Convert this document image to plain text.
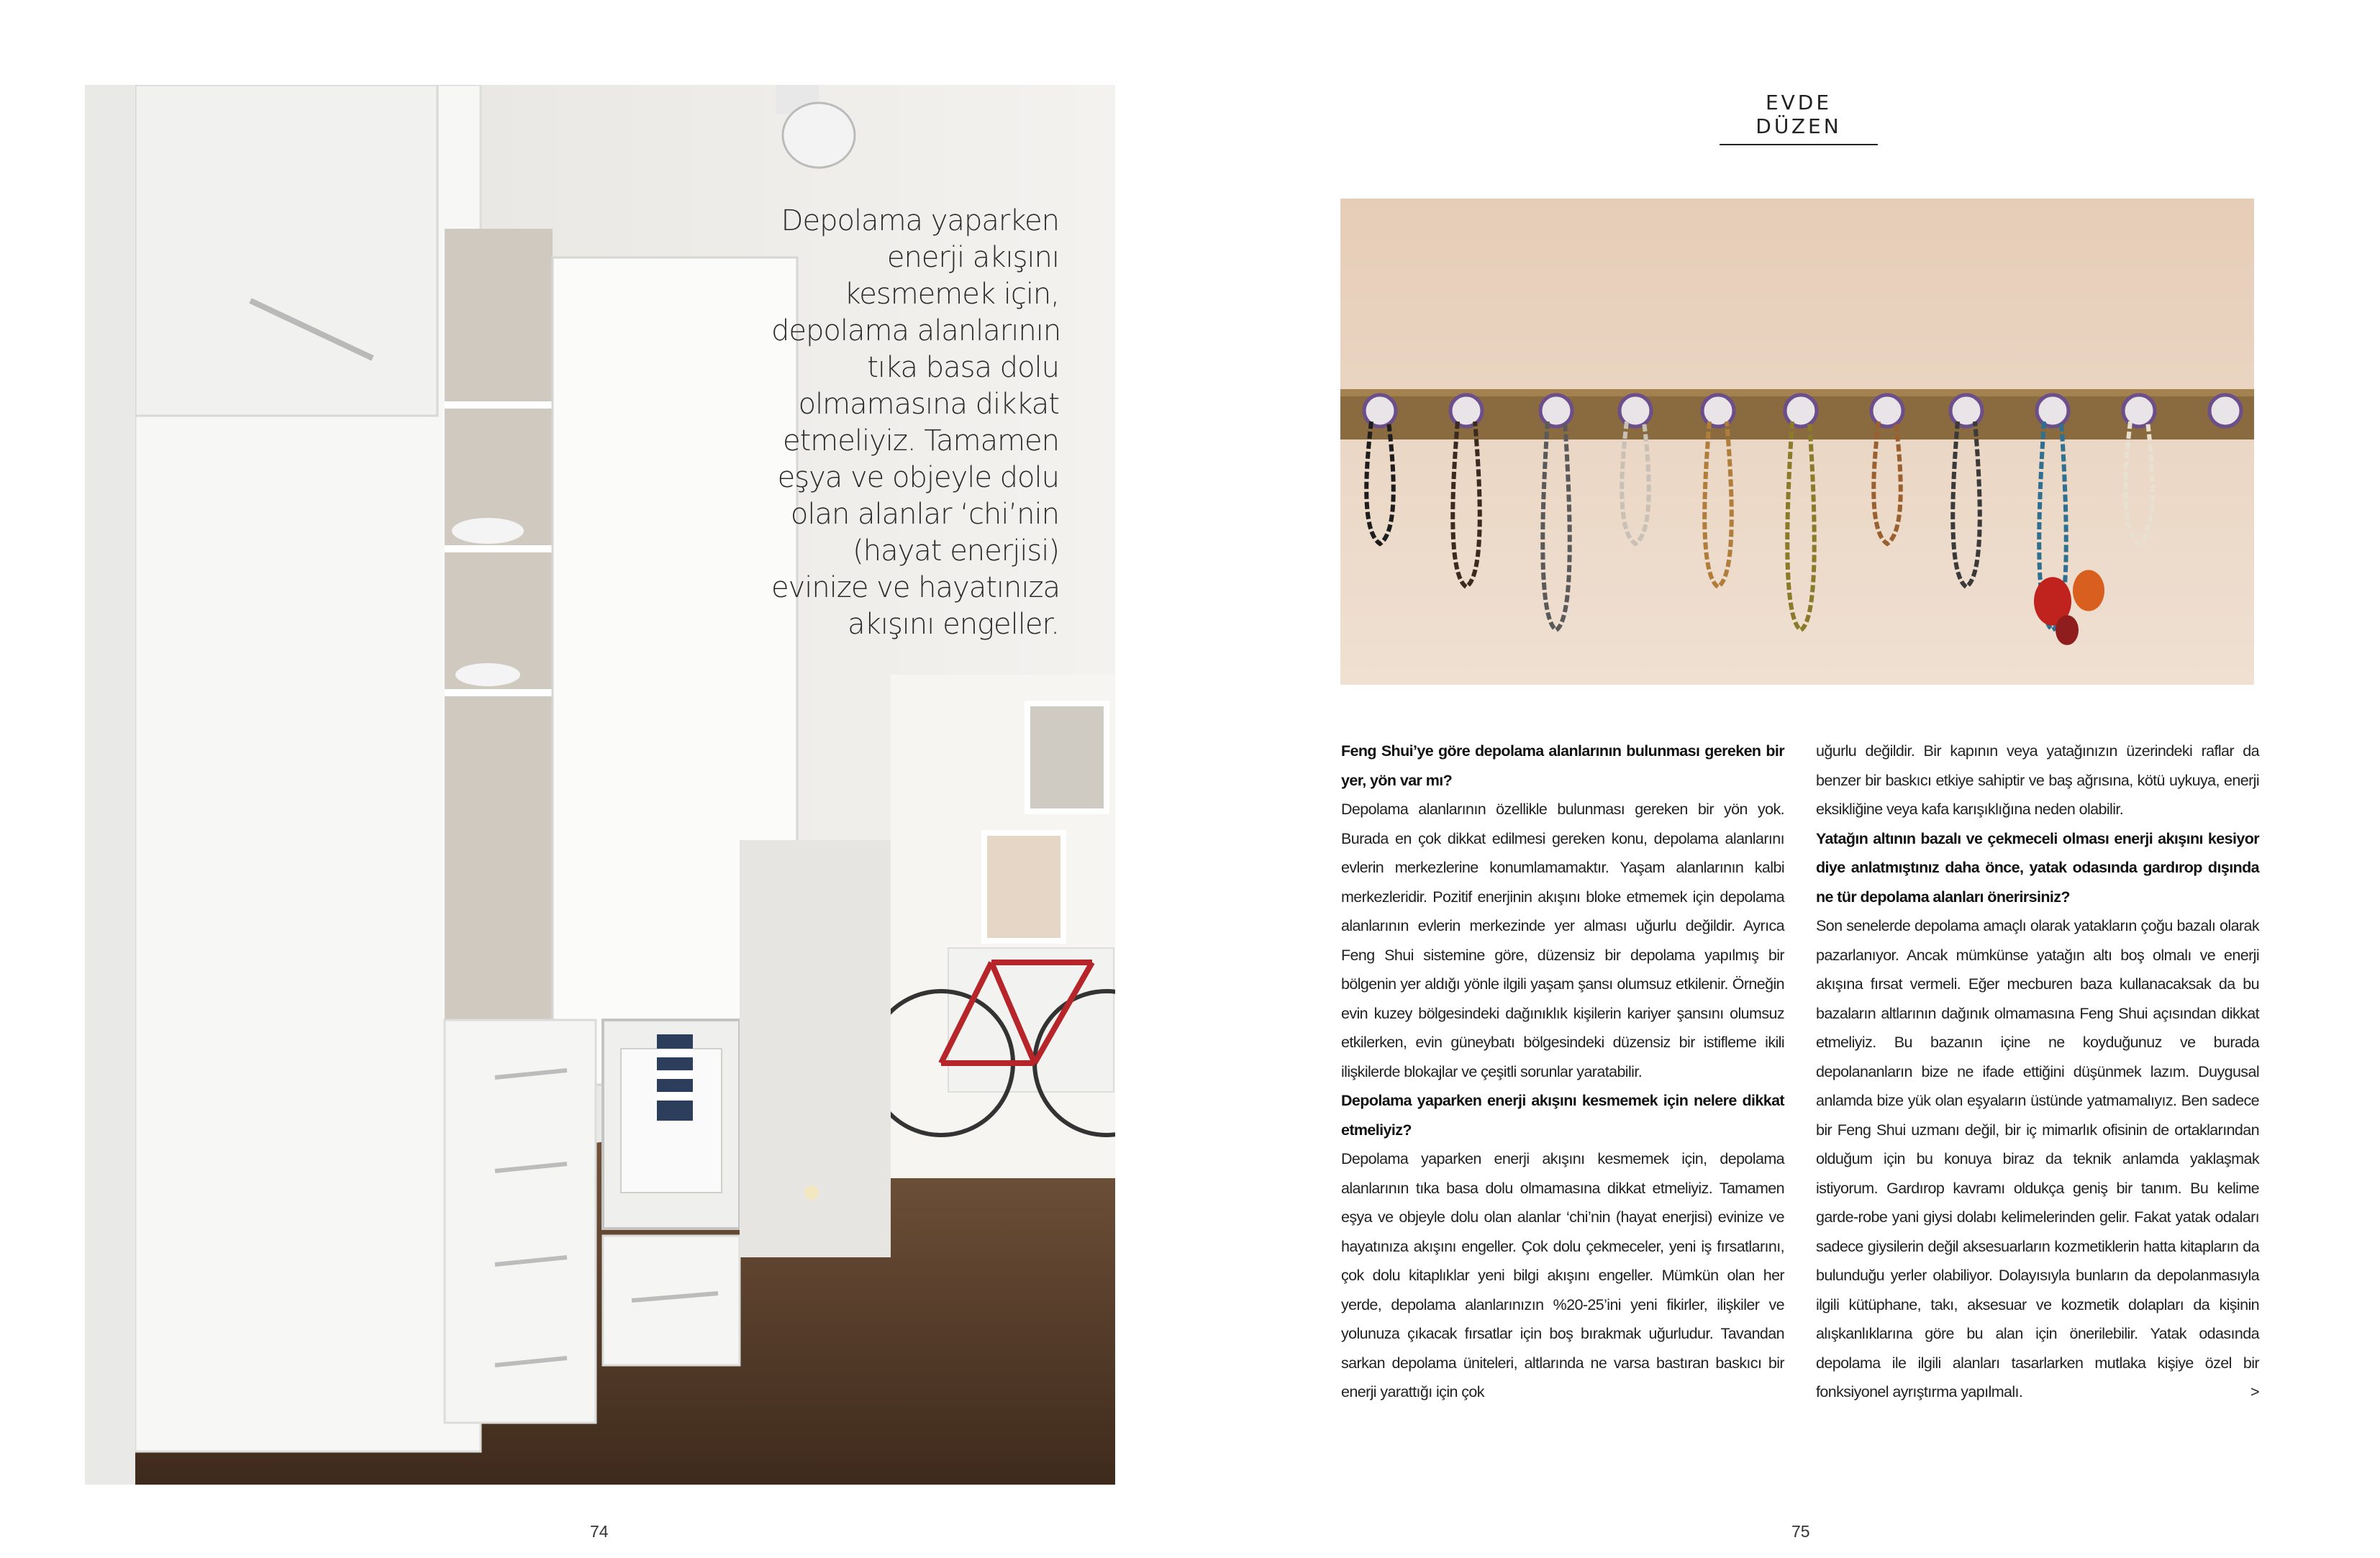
Depolama yaparken
enerji akışını
kesmemek için,
depolama alanlarının
tıka basa dolu
olmamasına dikkat
etmeliyiz. Tamamen
eşya ve objeyle dolu
olan alanlar ‘chi’nin
(hayat enerjisi)
evinize ve hayatınıza
akışını engeller.
74
EVDE DÜZEN

Feng Shui’ye göre depolama alanlarının bulunması gereken bir yer, yön var mı?

Depolama alanlarının özellikle bulunması gereken bir yön yok. Burada en çok dikkat edilmesi gereken konu, depolama alanlarını evlerin merkezlerine konumlamamaktır. Yaşam alanlarının kalbi merkezleridir. Pozitif enerjinin akışını bloke etmemek için depolama alanlarının evlerin merkezinde yer alması uğurlu değildir. Ayrıca Feng Shui sistemine göre, düzensiz bir depolama yapılmış bir bölgenin yer aldığı yönle ilgili yaşam şansı olumsuz etkilenir. Örneğin evin kuzey bölgesindeki dağınıklık kişilerin kariyer şansını olumsuz etkilerken, evin güneybatı bölgesindeki düzensiz bir istifleme ikili ilişkilerde blokajlar ve çeşitli sorunlar yaratabilir.

Depolama yaparken enerji akışını kesmemek için nelere dikkat etmeliyiz?

Depolama yaparken enerji akışını kesmemek için, depolama alanlarının tıka basa dolu olmamasına dikkat etmeliyiz. Tamamen eşya ve objeyle dolu olan alanlar ‘chi’nin (hayat enerjisi) evinize ve hayatınıza akışını engeller. Çok dolu çekmeceler, yeni iş fırsatlarını, çok dolu kitaplıklar yeni bilgi akışını engeller. Mümkün olan her yerde, depolama alanlarınızın %20-25’ini yeni fikirler, ilişkiler ve yolunuza çıkacak fırsatlar için boş bırakmak uğurludur. Tavandan sarkan depolama üniteleri, altlarında ne varsa bastıran baskıcı bir enerji yarattığı için çok

uğurlu değildir. Bir kapının veya yatağınızın üzerindeki raflar da benzer bir baskıcı etkiye sahiptir ve baş ağrısına, kötü uykuya, enerji eksikliğine veya kafa karışıklığına neden olabilir.

Yatağın altının bazalı ve çekmeceli olması enerji akışını kesiyor diye anlatmıştınız daha önce, yatak odasında gardırop dışında ne tür depolama alanları önerirsiniz?

Son senelerde depolama amaçlı olarak yatakların çoğu bazalı olarak pazarlanıyor. Ancak mümkünse yatağın altı boş olmalı ve enerji akışına fırsat vermeli. Eğer mecburen baza kullanacaksak da bu bazaların altlarının dağınık olmamasına Feng Shui açısından dikkat etmeliyiz. Bu bazanın içine ne koyduğunuz ve burada depolananların bize ne ifade ettiğini düşünmek lazım. Duygusal anlamda bize yük olan eşyaların üstünde yatmamalıyız. Ben sadece bir Feng Shui uzmanı değil, bir iç mimarlık ofisinin de ortaklarından olduğum için bu konuya biraz da teknik anlamda yaklaşmak istiyorum. Gardırop kavramı oldukça geniş bir tanım. Bu kelime garde-robe yani giysi dolabı kelimelerinden gelir. Fakat yatak odaları sadece giysilerin değil aksesuarların kozmetiklerin hatta kitapların da bulunduğu yerler olabiliyor. Dolayısıyla bunların da depolanmasıyla ilgili kütüphane, takı, aksesuar ve kozmetik dolapları da kişinin alışkanlıklarına göre bu alan için önerilebilir. Yatak odasında depolama ile ilgili alanları tasarlarken mutlaka kişiye özel bir fonksiyonel ayrıştırma yapılmalı.	>

75
